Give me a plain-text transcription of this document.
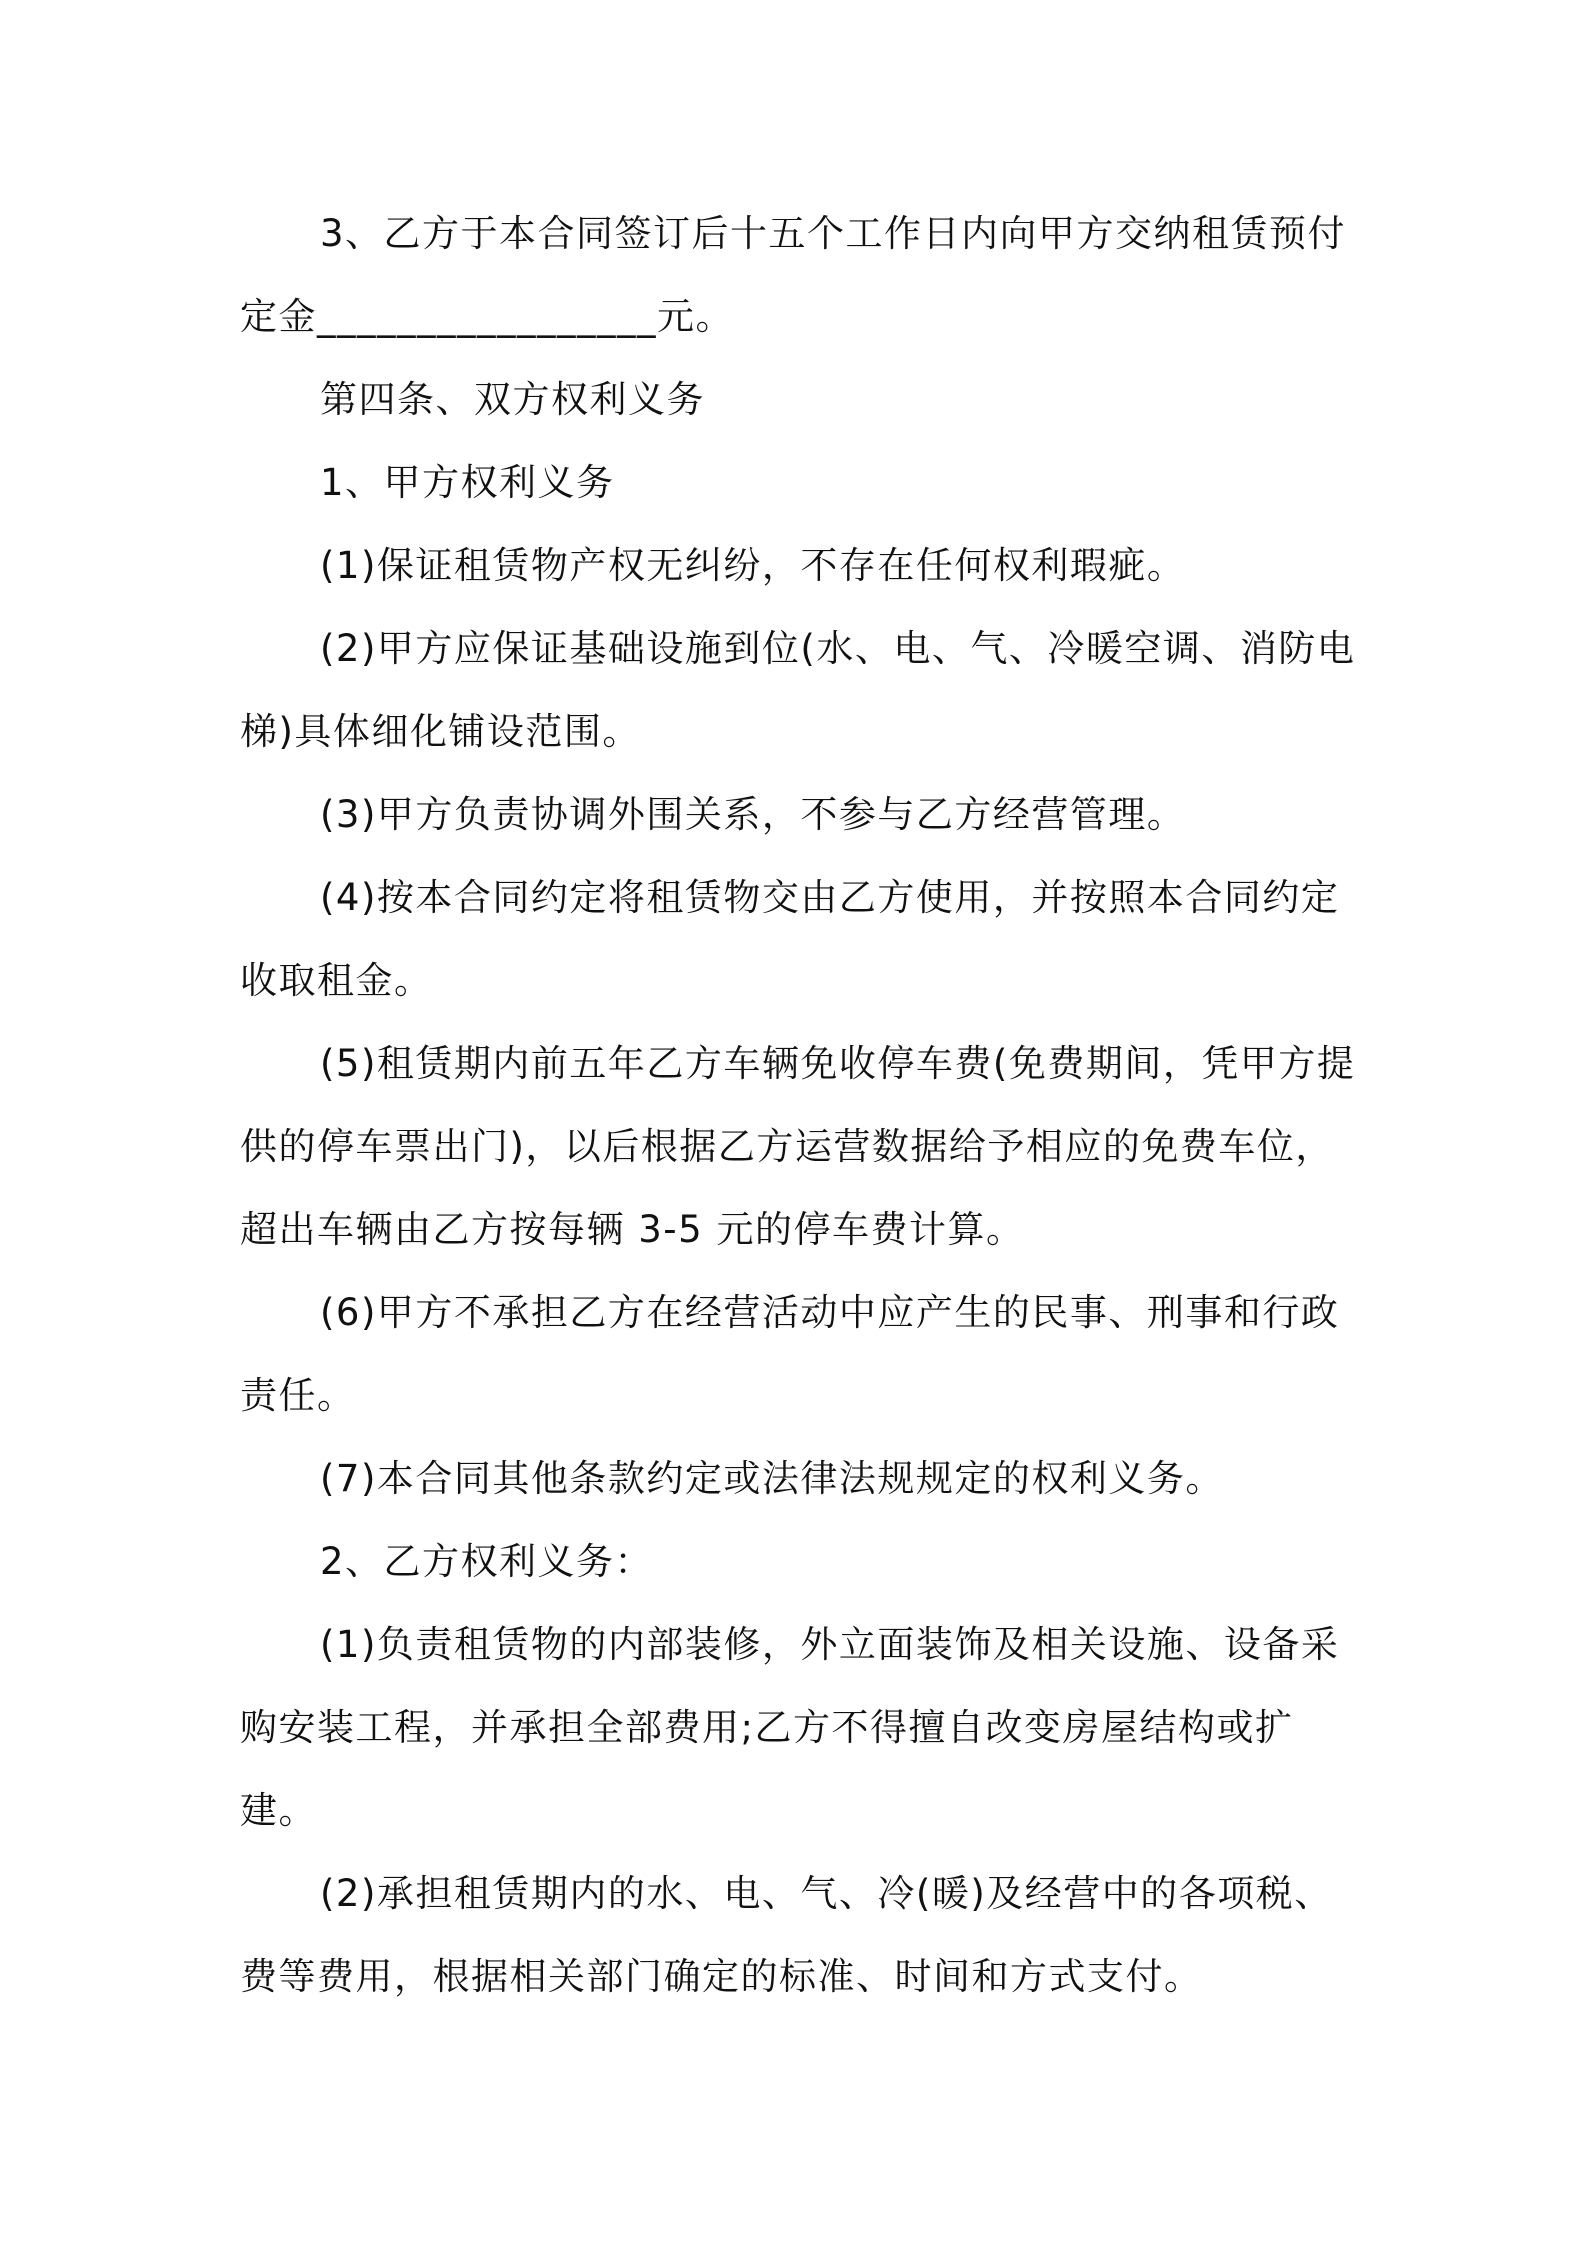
3、乙方于本合同签订后十五个工作日内向甲方交纳租赁预付定金_________________元。

第四条、双方权利义务

1、甲方权利义务

(1)保证租赁物产权无纠纷，不存在任何权利瑕疵。

(2)甲方应保证基础设施到位(水、电、气、冷暖空调、消防电梯)具体细化铺设范围。

(3)甲方负责协调外围关系，不参与乙方经营管理。

(4)按本合同约定将租赁物交由乙方使用，并按照本合同约定收取租金。

(5)租赁期内前五年乙方车辆免收停车费(免费期间，凭甲方提供的停车票出门)，以后根据乙方运营数据给予相应的免费车位，超出车辆由乙方按每辆 3-5 元的停车费计算。

(6)甲方不承担乙方在经营活动中应产生的民事、刑事和行政责任。

(7)本合同其他条款约定或法律法规规定的权利义务。

2、乙方权利义务：

(1)负责租赁物的内部装修，外立面装饰及相关设施、设备采购安装工程，并承担全部费用;乙方不得擅自改变房屋结构或扩建。

(2)承担租赁期内的水、电、气、冷(暖)及经营中的各项税、费等费用，根据相关部门确定的标准、时间和方式支付。
